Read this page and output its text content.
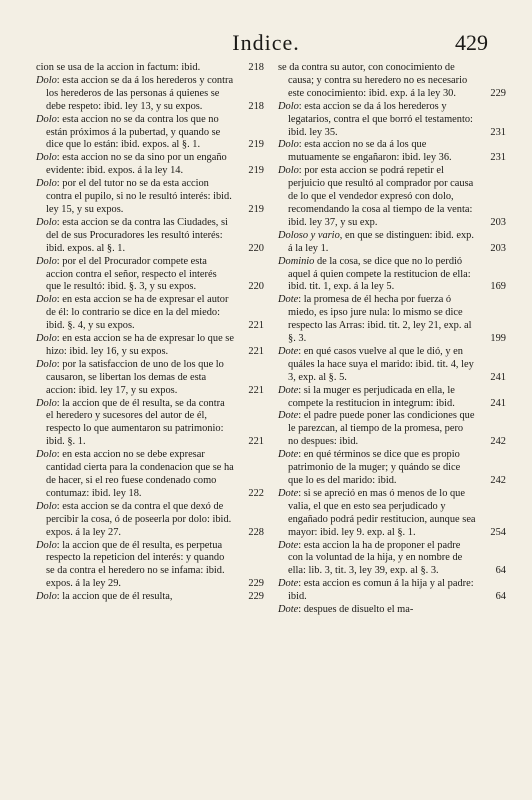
Indice.	429

cion se usa de la accion in factum: ibid.	218

Dolo: esta accion se da á los herederos y contra los herederos de las personas á quienes se debe respeto: ibid. ley 13, y su expos.	218

Dolo: esta accion no se da contra los que no están próximos á la pubertad, y quando se dice que lo están: ibid. expos. al §. 1.	219

Dolo: esta accion no se da sino por un engaño evidente: ibid. expos. á la ley 14.	219

Dolo: por el del tutor no se da esta accion contra el pupilo, si no le resultó interés: ibid. ley 15, y su expos.	219

Dolo: esta accion se da contra las Ciudades, si del de sus Procuradores les resultó interés: ibid. expos. al §. 1.	220

Dolo: por el del Procurador compete esta accion contra el señor, respecto el interés que le resultó: ibid. §. 3, y su expos.	220

Dolo: en esta accion se ha de expresar el autor de él: lo contrario se dice en la del miedo: ibid. §. 4, y su expos.	221

Dolo: en esta accion se ha de expresar lo que se hizo: ibid. ley 16, y su expos.	221

Dolo: por la satisfaccion de uno de los que lo causaron, se libertan los demas de esta accion: ibid. ley 17, y su expos.	221

Dolo: la accion que de él resulta, se da contra el heredero y sucesores del autor de él, respecto lo que aumentaron su patrimonio: ibid. §. 1.	221

Dolo: en esta accion no se debe expresar cantidad cierta para la condenacion que se ha de hacer, si el reo fuese condenado como contumaz: ibid. ley 18.	222

Dolo: esta accion se da contra el que dexó de percibir la cosa, ó de poseerla por dolo: ibid. expos. á la ley 27.	228

Dolo: la accion que de él resulta, es perpetua respecto la repeticion del interés: y quando se da contra el heredero no se infama: ibid. expos. á la ley 29.	229

Dolo: la accion que de él resulta,	229

se da contra su autor, con conocimiento de causa; y contra su heredero no es necesario este conocimiento: ibid. exp. á la ley 30.	229

Dolo: esta accion se da á los herederos y legatarios, contra el que borró el testamento: ibid. ley 35.	231

Dolo: esta accion no se da á los que mutuamente se engañaron: ibid. ley 36.	231

Dolo: por esta accion se podrá repetir el perjuicio que resultó al comprador por causa de lo que el vendedor expresó con dolo, recomendando la cosa al tiempo de la venta: ibid. ley 37, y su exp.	203

Doloso y vario, en que se distinguen: ibid. exp. á la ley 1.	203

Dominio de la cosa, se dice que no lo perdió aquel á quien compete la restitucion de ella: ibid. tit. 1, exp. á la ley 5.	169

Dote: la promesa de él hecha por fuerza ó miedo, es ipso jure nula: lo mismo se dice respecto las Arras: ibid. tit. 2, ley 21, exp. al §. 3.	199

Dote: en qué casos vuelve al que le dió, y en quáles la hace suya el marido: ibid. tit. 4, ley 3, exp. al §. 5.	241

Dote: si la muger es perjudicada en ella, le compete la restitucion in integrum: ibid.	241

Dote: el padre puede poner las condiciones que le parezcan, al tiempo de la promesa, pero no despues: ibid.	242

Dote: en qué términos se dice que es propio patrimonio de la muger; y quándo se dice que lo es del marido: ibid.	242

Dote: si se apreció en mas ó menos de lo que valia, el que en esto sea perjudicado y engañado podrá pedir restitucion, aunque sea mayor: ibid. ley 9. exp. al §. 1.	254

Dote: esta accion la ha de proponer el padre con la voluntad de la hija, y en nombre de ella: lib. 3, tit. 3, ley 39, exp. al §. 3.	64

Dote: esta accion es comun á la hija y al padre: ibid.	64

Dote: despues de disuelto el ma-
